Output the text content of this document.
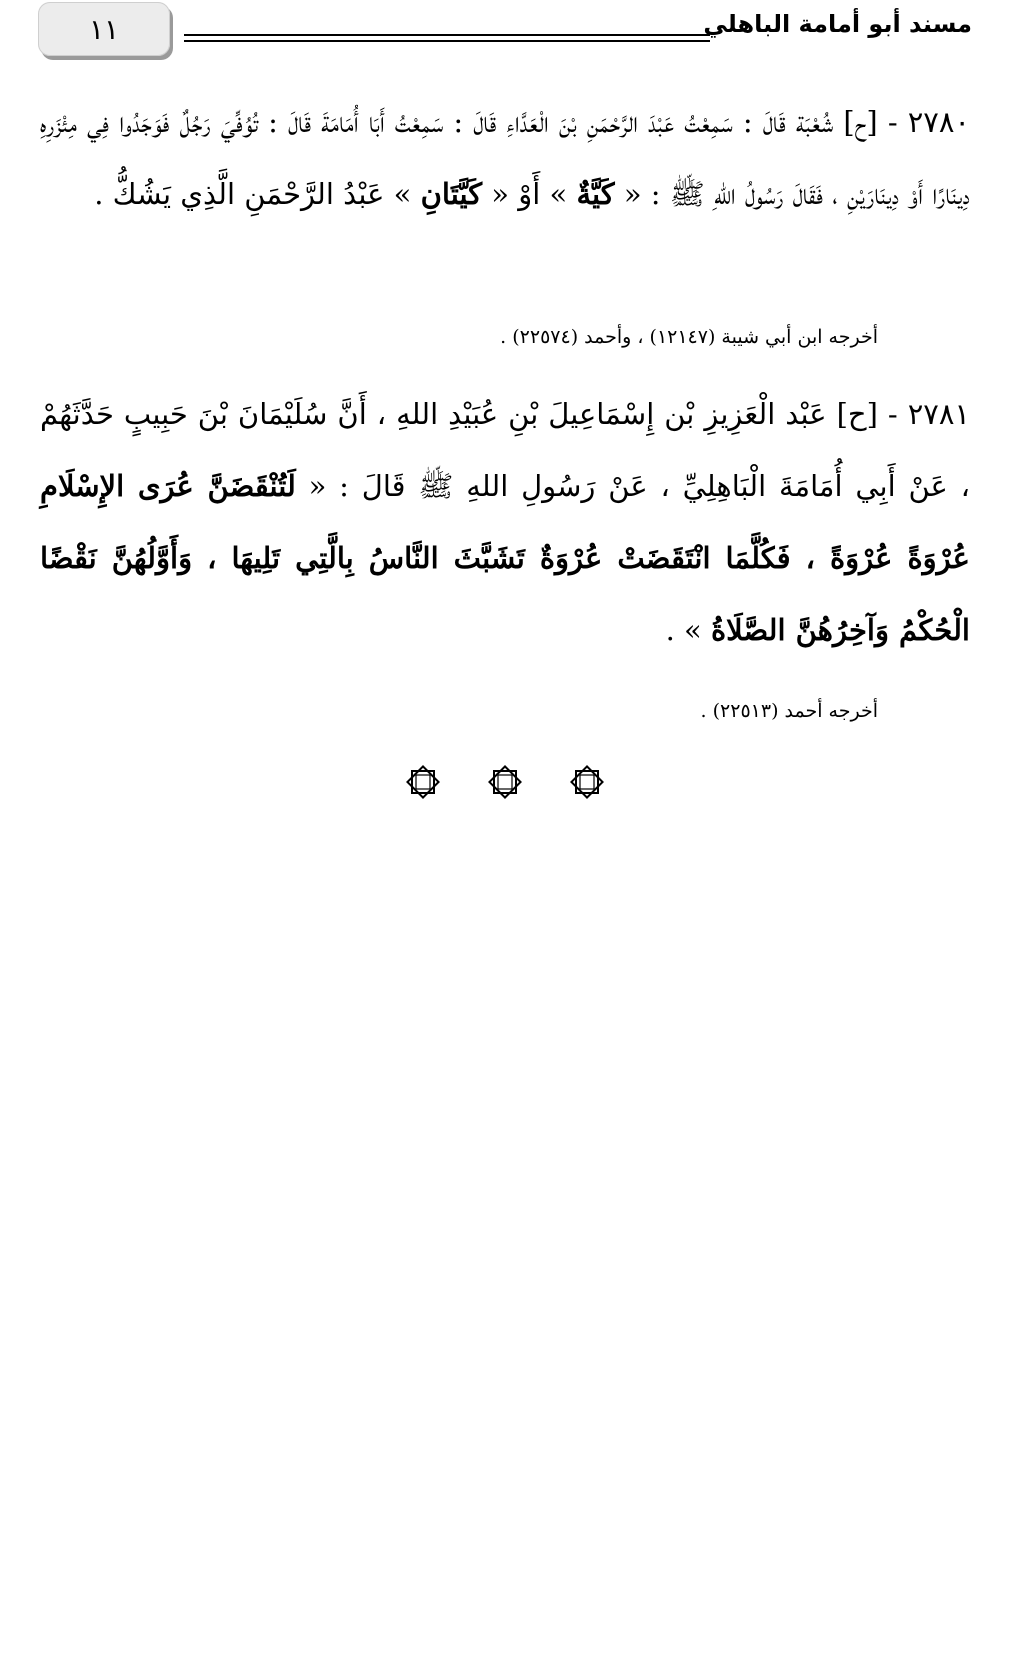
١١	مسند أبو أمامة الباهلي

٢٧٨٠ - [ح] شُعْبَة قَالَ : سَمِعْتُ عَبْدَ الرَّحْمَنِ بْنَ الْعَدَّاءِ قَالَ : سَمِعْتُ أَبَا أُمَامَةَ قَالَ : تُوُفِّيَ رَجُلٌ فَوَجَدُوا فِي مِئْزَرِهِ دِينَارًا أَوْ دِينَارَيْنِ ، فَقَالَ رَسُولُ اللهِ ﷺ : « كَيَّةٌ » أَوْ « كَيَّتَانِ » عَبْدُ الرَّحْمَنِ الَّذِي يَشُكُّ .

أخرجه ابن أبي شيبة (١٢١٤٧) ، وأحمد (٢٢٥٧٤) .

٢٧٨١ - [ح] عَبْد الْعَزِيزِ بْن إِسْمَاعِيلَ بْنِ عُبَيْدِ اللهِ ، أَنَّ سُلَيْمَانَ بْنَ حَبِيبٍ حَدَّثَهُمْ ، عَنْ أَبِي أُمَامَةَ الْبَاهِلِيِّ ، عَنْ رَسُولِ اللهِ ﷺ قَالَ : « لَتُنْقَضَنَّ عُرَى الإِسْلَامِ عُرْوَةً عُرْوَةً ، فَكُلَّمَا انْتَقَضَتْ عُرْوَةٌ تَشَبَّثَ النَّاسُ بِالَّتِي تَلِيهَا ، وَأَوَّلُهُنَّ نَقْضًا الْحُكْمُ وَآخِرُهُنَّ الصَّلَاةُ » .

أخرجه أحمد (٢٢٥١٣) .
